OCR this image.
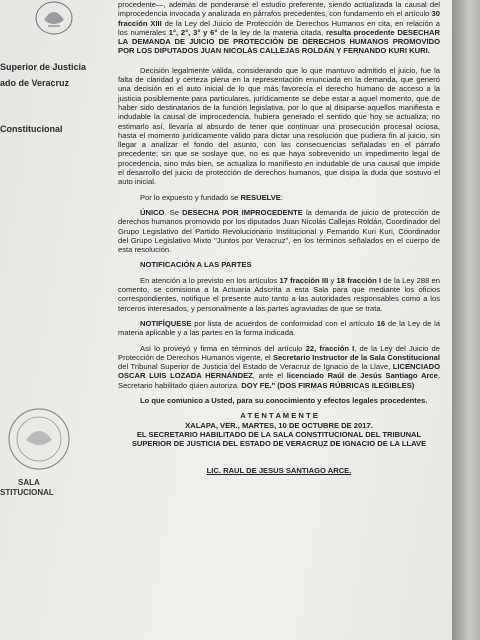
Superior de Justicia
ado de Veracruz
Constitucional
SALA
STITUCIONAL

procedente—, además de ponderarse el estudio preferente, siendo actualizada la causal del improcedencia invocada y analizada en párrafos precedentes, con fundamento en el artículo 30 fracción XIII de la Ley del Juicio de Protección de Derechos Humanos en cita, en relación a los numerales 1°, 2°, 3° y 6° de la ley de la materia citada, resulta procedente DESECHAR LA DEMANDA DE JUICIO DE PROTECCIÓN DE DERECHOS HUMANOS PROMOVIDO POR LOS DIPUTADOS JUAN NICOLÁS CALLEJAS ROLDÁN Y FERNANDO KURI KURI.

Decisión legalmente válida, considerando que lo que mantuvo admitido el juicio, fue la falta de claridad y certeza plena en la representación enunciada en la demanda, que generó una decisión en el auto inicial de lo que más favorecía el derecho humano de acceso a la justicia posiblemente para particulares, jurídicamente se debe estar a aquel momento, que de haber sido destinatarios de la función legislativa, por lo que al disiparse aquellos manifiesta e indudable la causal de improcedencia, hubiera generado el sentido que hoy se actualiza; no estimarlo así, llevaría al absurdo de tener que continuar una prosecución procesal ociosa, hasta el momento jurídicamente válido para dictar una resolución que pudiera fin al juicio, sin llegar a analizar el fondo del asunto, con las consecuencias señaladas en el párrafo precedente; sin que se soslaye que, no es que haya sobrevenido un impedimento legal de procedencia, sino más bien, se actualiza lo manifiesto en indudable de una causal que impide el desarrollo del juicio de protección de derechos humanos, que disipa la duda que sostuvo el auto inicial.

Por lo expuesto y fundado se RESUELVE:

ÚNICO. Se DESECHA POR IMPROCEDENTE la demanda de juicio de protección de derechos humanos promovido por los diputados Juan Nicolás Callejas Roldán, Coordinador del Grupo Legislativo del Partido Revolucionario Institucional y Fernando Kuri Kuri, Coordinador del Grupo Legislativo Mixto "Juntos por Veracruz", en los términos señalados en el cuerpo de esta resolución.

NOTIFICACIÓN A LAS PARTES

En atención a lo previsto en los artículos 17 fracción III y 18 fracción I de la Ley 288 en comento, se comisiona a la Actuaria Adscrita a esta Sala para que mediante los oficios correspondientes, notifique el presente auto tanto a las autoridades responsables como a los terceros interesados, y personalmente a las partes agraviadas de que se trata.

NOTIFÍQUESE por lista de acuerdos de conformidad con el artículo 16 de la Ley de la materia aplicable y a las partes en la forma indicada.

Así lo proveyó y firma en términos del artículo 22, fracción I, de la Ley del Juicio de Protección de Derechos Humanos vigente, el Secretario Instructor de la Sala Constitucional del Tribunal Superior de Justicia del Estado de Veracruz de Ignacio de la Llave, LICENCIADO OSCAR LUIS LOZADA HERNÁNDEZ, ante el licenciado Raúl de Jesús Santiago Arce, Secretario habilitado quien autoriza. DOY FE." (DOS FIRMAS RÚBRICAS ILEGIBLES)

Lo que comunico a Usted, para su conocimiento y efectos legales procedentes.

A T E N T A M E N T E

XALAPA, VER., MARTES, 10 DE OCTUBRE DE 2017.

EL SECRETARIO HABILITADO DE LA SALA CONSTITUCIONAL DEL TRIBUNAL SUPERIOR DE JUSTICIA DEL ESTADO DE VERACRUZ DE IGNACIO DE LA LLAVE

LIC. RAUL DE JESUS SANTIAGO ARCE.
